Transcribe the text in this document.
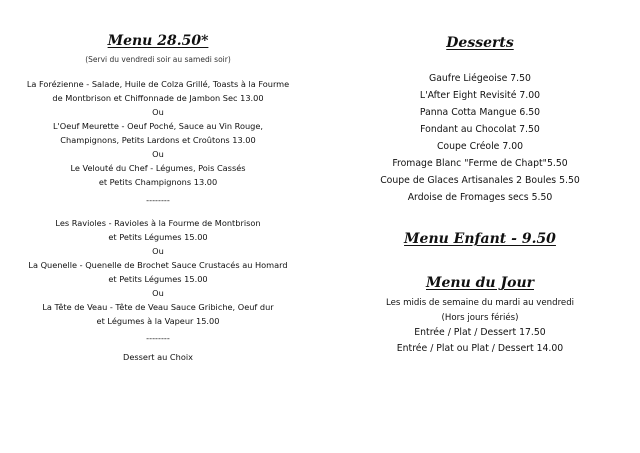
Menu 28.50*
(Servi du vendredi soir au samedi soir)
La Forézienne - Salade, Huile de Colza Grillé, Toasts à la Fourme
de Montbrison et Chiffonnade de Jambon Sec 13.00
Ou
L'Oeuf Meurette - Oeuf Poché, Sauce au Vin Rouge,
Champignons, Petits Lardons et Croûtons 13.00
Ou
Le Velouté du Chef - Légumes, Pois Cassés
et Petits Champignons 13.00
--------
Les Ravioles - Ravioles à la Fourme de Montbrison
et Petits Légumes 15.00
Ou
La Quenelle - Quenelle de Brochet Sauce Crustacés au Homard
et Petits Légumes 15.00
Ou
La Tête de Veau - Tête de Veau Sauce Gribiche, Oeuf dur
et Légumes à la Vapeur 15.00
--------
Dessert au Choix
Desserts
Gaufre Liégeoise 7.50
L'After Eight Revisité 7.00
Panna Cotta Mangue 6.50
Fondant au Chocolat 7.50
Coupe Créole 7.00
Fromage Blanc "Ferme de Chapt"5.50
Coupe de Glaces Artisanales 2 Boules 5.50
Ardoise de Fromages secs 5.50
Menu Enfant - 9.50
Menu du Jour
Les midis de semaine du mardi au vendredi
(Hors jours fériés)
Entrée / Plat / Dessert 17.50
Entrée / Plat ou Plat / Dessert 14.00
